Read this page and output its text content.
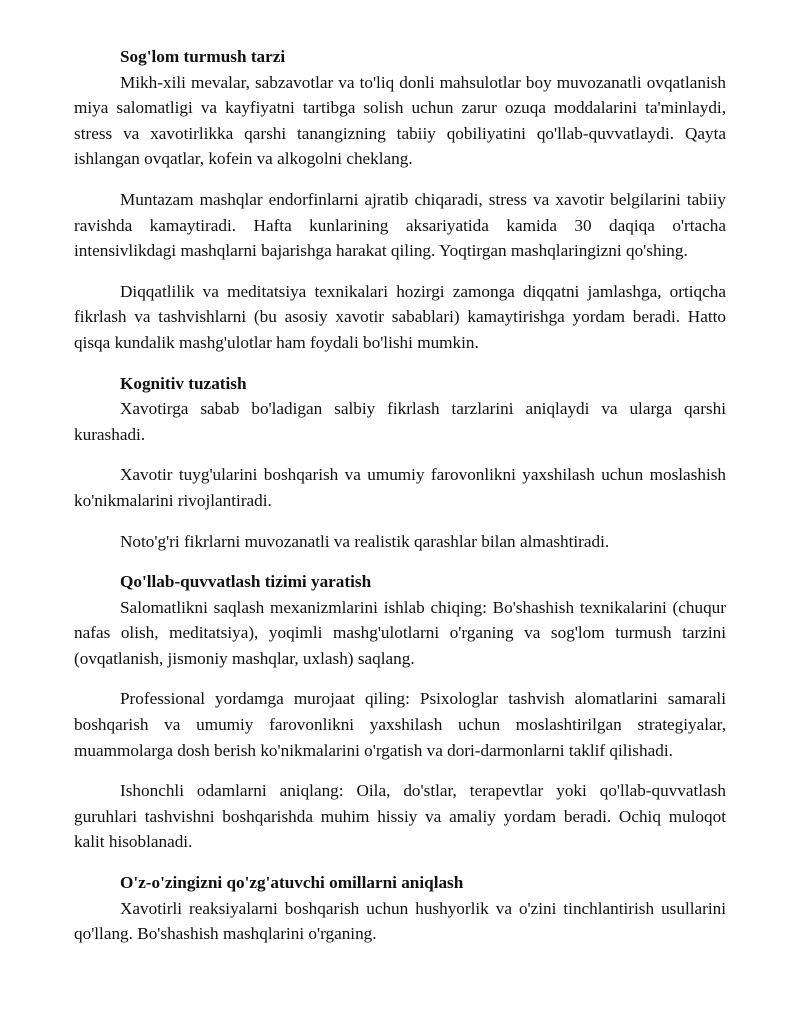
Sog'lom turmush tarzi

Mikh-xili mevalar, sabzavotlar va to'liq donli mahsulotlar boy muvozanatli ovqatlanish miya salomatligi va kayfiyatni tartibga solish uchun zarur ozuqa moddalarini ta'minlaydi, stress va xavotirlikka qarshi tanangizning tabiiy qobiliyatini qo'llab-quvvatlaydi. Qayta ishlangan ovqatlar, kofein va alkogolni cheklang.

Muntazam mashqlar endorfinlarni ajratib chiqaradi, stress va xavotir belgilarini tabiiy ravishda kamaytiradi. Hafta kunlarining aksariyatida kamida 30 daqiqa o'rtacha intensivlikdagi mashqlarni bajarishga harakat qiling. Yoqtirgan mashqlaringizni qo'shing.

Diqqatlilik va meditatsiya texnikalari hozirgi zamonga diqqatni jamlashga, ortiqcha fikrlash va tashvishlarni (bu asosiy xavotir sabablari) kamaytirishga yordam beradi. Hatto qisqa kundalik mashg'ulotlar ham foydali bo'lishi mumkin.

Kognitiv tuzatish

Xavotirga sabab bo'ladigan salbiy fikrlash tarzlarini aniqlaydi va ularga qarshi kurashadi.

Xavotir tuyg'ularini boshqarish va umumiy farovonlikni yaxshilash uchun moslashish ko'nikmalarini rivojlantiradi.

Noto'g'ri fikrlarni muvozanatli va realistik qarashlar bilan almashtiradi.

Qo'llab-quvvatlash tizimi yaratish

Salomatlikni saqlash mexanizmlarini ishlab chiqing: Bo'shashish texnikalarini (chuqur nafas olish, meditatsiya), yoqimli mashg'ulotlarni o'rganing va sog'lom turmush tarzini (ovqatlanish, jismoniy mashqlar, uxlash) saqlang.

Professional yordamga murojaat qiling: Psixologlar tashvish alomatlarini samarali boshqarish va umumiy farovonlikni yaxshilash uchun moslashtirilgan strategiyalar, muammolarga dosh berish ko'nikmalarini o'rgatish va dori-darmonlarni taklif qilishadi.

Ishonchli odamlarni aniqlang: Oila, do'stlar, terapevtlar yoki qo'llab-quvvatlash guruhlari tashvishni boshqarishda muhim hissiy va amaliy yordam beradi. Ochiq muloqot kalit hisoblanadi.

O'z-o'zingizni qo'zg'atuvchi omillarni aniqlash

Xavotirli reaksiyalarni boshqarish uchun hushyorlik va o'zini tinchlantirish usullarini qo'llang. Bo'shashish mashqlarini o'rganing.
